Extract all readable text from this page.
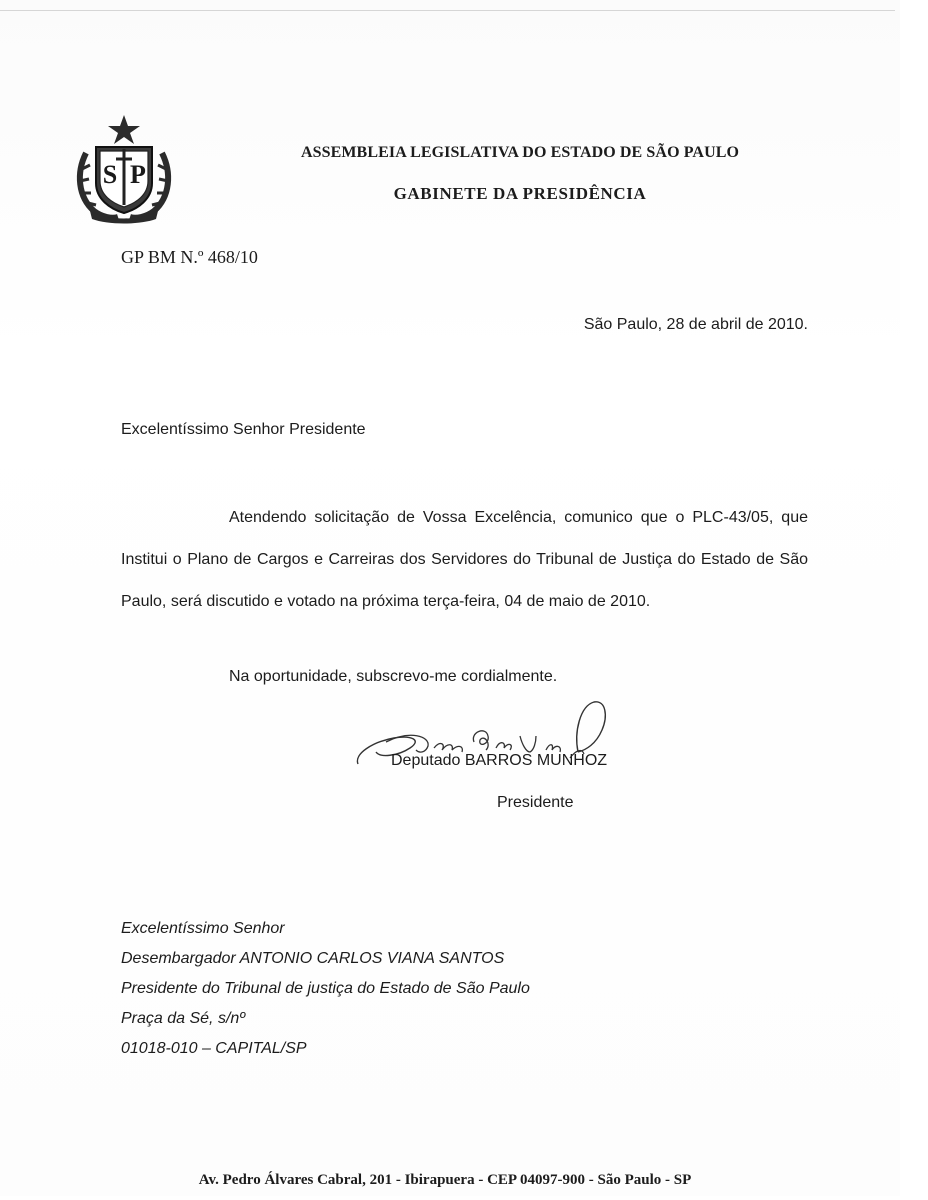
S P
ASSEMBLEIA LEGISLATIVA DO ESTADO DE SÃO PAULO
GABINETE DA PRESIDÊNCIA
GP BM N.º 468/10
São Paulo, 28 de abril de 2010.
Excelentíssimo Senhor Presidente

Atendendo solicitação de Vossa Excelência, comunico que o PLC-43/05, que Institui o Plano de Cargos e Carreiras dos Servidores do Tribunal de Justiça do Estado de São Paulo, será discutido e votado na próxima terça-feira, 04 de maio de 2010.

Na oportunidade, subscrevo-me cordialmente.
Deputado BARROS MUNHOZ
Presidente
Excelentíssimo Senhor
Desembargador ANTONIO CARLOS VIANA SANTOS
Presidente do Tribunal de justiça do Estado de São Paulo
Praça da Sé, s/nº
01018-010 – CAPITAL/SP
Av. Pedro Álvares Cabral, 201 - Ibirapuera - CEP 04097-900 - São Paulo - SP
